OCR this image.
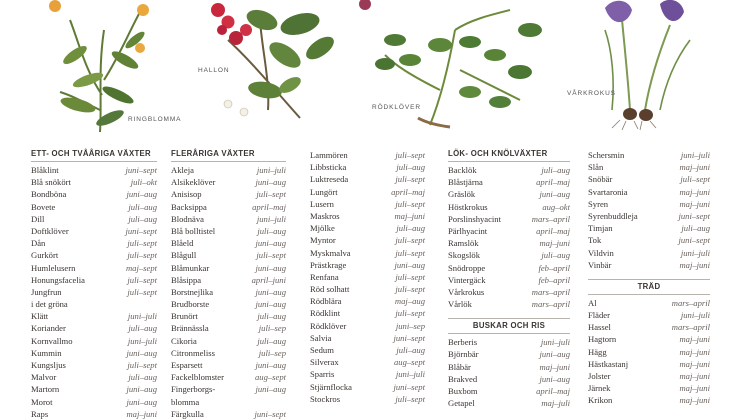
RINGBLOMMA
HALLON
RÖDKLÖVER
VÅRKROKUS
ETT- OCH TVÅÅRIGA VÄXTER
Blåklint	juni–sept
Blå snökört	juli–okt
Bondböna	juni–aug
Bovete	juli–aug
Dill	juli–aug
Doftklöver	juni–sept
Dån	juli–sept
Gurkört	juli–sept
Humlelusern	maj–sept
Honungsfacelia	juli–sept
Jungfrun	juli–sept
i det gröna
Klätt	juni–juli
Koriander	juli–aug
Kornvallmo	juni–juli
Kummin	juni–aug
Kungsljus	juli–sept
Malvor	juli–aug
Martorn	juni–aug
Morot	juni–aug
Raps	maj–juni
FLERÅRIGA VÄXTER
Akleja	juni–juli
Alsikeklöver	juni–aug
Anisisop	juli–sept
Backsippa	april–maj
Blodnäva	juni–juli
Blå bolltistel	juli–aug
Blåeld	juni–aug
Blågull	juli–sept
Blåmunkar	juni–aug
Blåsippa	april–juni
Borstnejlika	juni–aug
Brudborste	juni–aug
Brunört	juli–aug
Brännässla	juli–sep
Cikoria	juli–aug
Citronmeliss	juli–sep
Esparsett	juni–aug
Fackelblomster	aug–sept
Fingerborgs-	juni–aug
blomma
Färgkulla	juni–sept
Lammören	juli–sept
Libbsticka	juli–aug
Luktreseda	juli–sept
Lungört	april–maj
Lusern	juli–sept
Maskros	maj–juni
Mjölke	juli–aug
Myntor	juli–sept
Myskmalva	juli–sept
Prästkrage	juni–aug
Renfana	juli–sept
Röd solhatt	juli–sept
Rödblära	maj–aug
Rödklint	juli–sept
Rödklöver	juni–sep
Salvia	juni–sept
Sedum	juli–aug
Silverax	aug–sept
Sparris	juni–juli
Stjärnflocka	juni–sept
Stockros	juli–sept
LÖK- OCH KNÖLVÄXTER
Backlök	juli–aug
Blåstjärna	april–maj
Gräslök	juni–aug
Höstkrokus	aug–okt
Porslinshyacint	mars–april
Pärlhyacint	april–maj
Ramslök	maj–juni
Skogslök	juli–aug
Snödroppe	feb–april
Vintergäck	feb–april
Vårkrokus	mars–april
Vårlök	mars–april
BUSKAR OCH RIS
Berberis	juni–juli
Björnbär	juni–aug
Blåbär	maj–juni
Brakved	juni–aug
Buxbom	april–maj
Getapel	maj–juli
Schersmin	juni–juli
Slån	maj–juni
Snöbär	juli–sept
Svartaronia	maj–juni
Syren	maj–juni
Syrenbuddleja	juni–sept
Timjan	juli–aug
Tok	juni–sept
Vildvin	juni–juli
Vinbär	maj–juni
TRÄD
Al	mars–april
Fläder	juni–juli
Hassel	mars–april
Hagtorn	maj–juni
Hägg	maj–juni
Hästkastanj	maj–juni
Jolster	maj–juni
Järnek	maj–juni
Krikon	maj–juni
